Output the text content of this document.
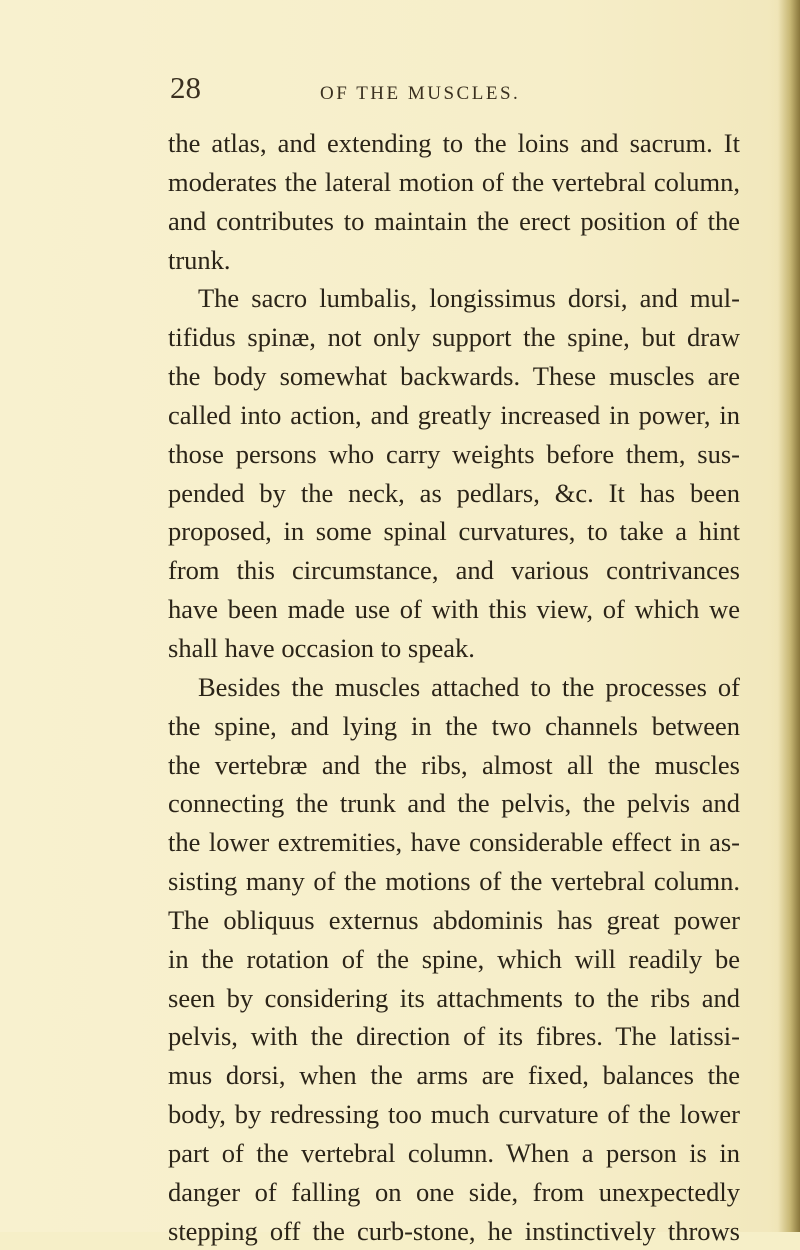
28	OF THE MUSCLES.
the atlas, and extending to the loins and sacrum. It
moderates the lateral motion of the vertebral column,
and contributes to maintain the erect position of the
trunk.
The sacro lumbalis, longissimus dorsi, and mul-
tifidus spinæ, not only support the spine, but draw
the body somewhat backwards. These muscles are
called into action, and greatly increased in power, in
those persons who carry weights before them, sus-
pended by the neck, as pedlars, &c. It has been
proposed, in some spinal curvatures, to take a hint
from this circumstance, and various contrivances
have been made use of with this view, of which we
shall have occasion to speak.
Besides the muscles attached to the processes of
the spine, and lying in the two channels between
the vertebræ and the ribs, almost all the muscles
connecting the trunk and the pelvis, the pelvis and
the lower extremities, have considerable effect in as-
sisting many of the motions of the vertebral column.
The obliquus externus abdominis has great power
in the rotation of the spine, which will readily be
seen by considering its attachments to the ribs and
pelvis, with the direction of its fibres. The latissi-
mus dorsi, when the arms are fixed, balances the
body, by redressing too much curvature of the lower
part of the vertebral column. When a person is in
danger of falling on one side, from unexpectedly
stepping off the curb-stone, he instinctively throws
